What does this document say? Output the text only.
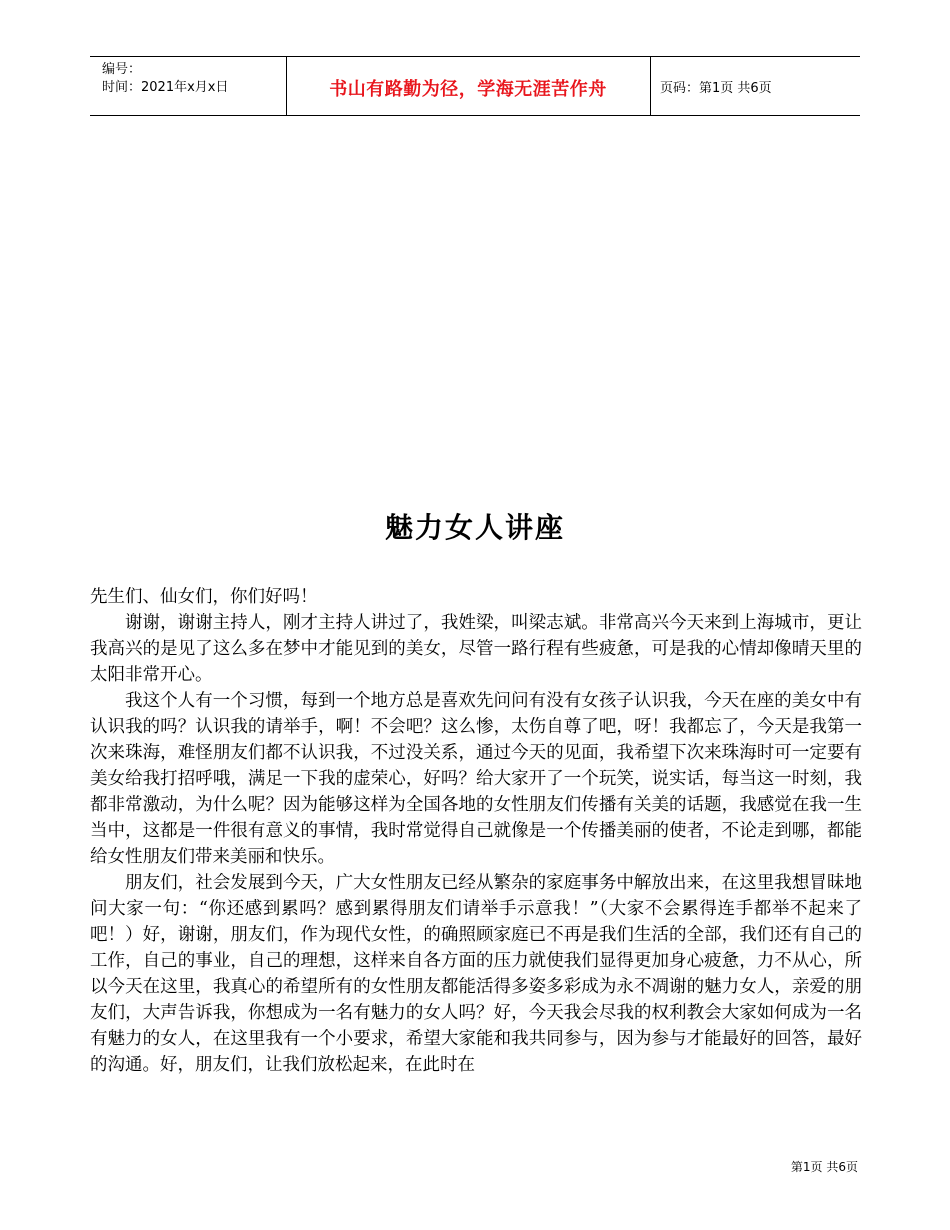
编号：
时间：2021年x月x日	书山有路勤为径，学海无涯苦作舟	页码：第1页 共6页
魅力女人讲座

先生们、仙女们，你们好吗！

谢谢，谢谢主持人，刚才主持人讲过了，我姓梁，叫梁志斌。非常高兴今天来到上海城市，更让我高兴的是见了这么多在梦中才能见到的美女，尽管一路行程有些疲惫，可是我的心情却像晴天里的太阳非常开心。

我这个人有一个习惯，每到一个地方总是喜欢先问问有没有女孩子认识我，今天在座的美女中有认识我的吗？认识我的请举手，啊！不会吧？这么惨，太伤自尊了吧，呀！我都忘了，今天是我第一次来珠海，难怪朋友们都不认识我，不过没关系，通过今天的见面，我希望下次来珠海时可一定要有美女给我打招呼哦，满足一下我的虚荣心，好吗？给大家开了一个玩笑，说实话，每当这一时刻，我都非常激动，为什么呢？因为能够这样为全国各地的女性朋友们传播有关美的话题，我感觉在我一生当中，这都是一件很有意义的事情，我时常觉得自己就像是一个传播美丽的使者，不论走到哪，都能给女性朋友们带来美丽和快乐。

朋友们，社会发展到今天，广大女性朋友已经从繁杂的家庭事务中解放出来，在这里我想冒昧地问大家一句：“你还感到累吗？感到累得朋友们请举手示意我！”（大家不会累得连手都举不起来了吧！）好，谢谢，朋友们，作为现代女性，的确照顾家庭已不再是我们生活的全部，我们还有自己的工作，自己的事业，自己的理想，这样来自各方面的压力就使我们显得更加身心疲惫，力不从心，所以今天在这里，我真心的希望所有的女性朋友都能活得多姿多彩成为永不凋谢的魅力女人，亲爱的朋友们，大声告诉我，你想成为一名有魅力的女人吗？好，今天我会尽我的权利教会大家如何成为一名有魅力的女人，在这里我有一个小要求，希望大家能和我共同参与，因为参与才能最好的回答，最好的沟通。好，朋友们，让我们放松起来，在此时在

第1页 共6页
